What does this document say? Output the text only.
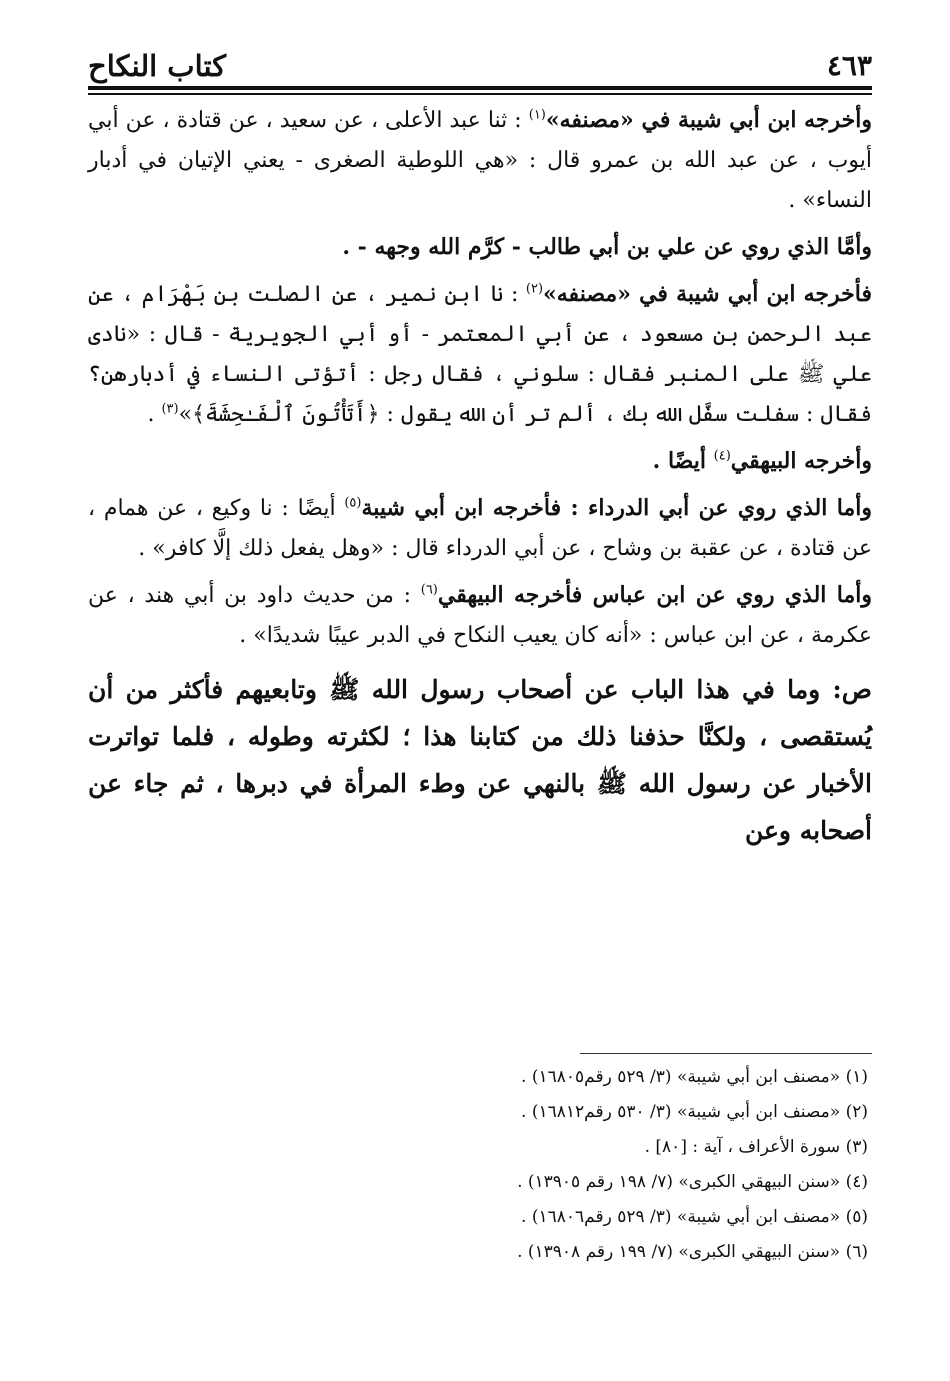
كتاب النكاح	٤٦٣

وأخرجه ابن أبي شيبة في «مصنفه»$^{(١)}$ : ثنا عبد الأعلى ، عن سعيد ، عن قتادة ، عن أبي أيوب ، عن عبد الله بن عمرو قال : «هي اللوطية الصغرى - يعني الإتيان في أدبار النساء» .

وأمَّا الذي روي عن علي بن أبي طالب - كرَّم الله وجهه - .

فأخرجه ابن أبي شيبة في «مصنفه»$^{(٢)}$ : نا ابن نمير ، عن الصلت بن بَهْرَام ، عن عبد الرحمن بن مسعود ، عن أبي المعتمر - أو أبي الجويرية - قال : «نادى علي ﷺ على المنبر فقال : سلوني ، فقال رجل : أتؤتى النساء في أدبارهن؟ فقال : سفلت سفَّل الله بك ، ألم تر أن الله يقول : ﴿أَتَأْتُونَ ٱلْفَـٰحِشَةَ﴾»$^{(٣)}$ .

وأخرجه البيهقي$^{(٤)}$ أيضًا .

وأما الذي روي عن أبي الدرداء : فأخرجه ابن أبي شيبة$^{(٥)}$ أيضًا : نا وكيع ، عن همام ، عن قتادة ، عن عقبة بن وشاح ، عن أبي الدرداء قال : «وهل يفعل ذلك إلَّا كافر» .

وأما الذي روي عن ابن عباس فأخرجه البيهقي$^{(٦)}$ : من حديث داود بن أبي هند ، عن عكرمة ، عن ابن عباس : «أنه كان يعيب النكاح في الدبر عيبًا شديدًا» .

ص: وما في هذا الباب عن أصحاب رسول الله ﷺ وتابعيهم فأكثر من أن يُستقصى ، ولكنَّا حذفنا ذلك من كتابنا هذا ؛ لكثرته وطوله ، فلما تواترت الأخبار عن رسول الله ﷺ بالنهي عن وطء المرأة في دبرها ، ثم جاء عن أصحابه وعن

(١) «مصنف ابن أبي شيبة» (٣/ ٥٢٩ رقم١٦٨٠٥) .
(٢) «مصنف ابن أبي شيبة» (٣/ ٥٣٠ رقم١٦٨١٢) .
(٣) سورة الأعراف ، آية : [٨٠] .
(٤) «سنن البيهقي الكبرى» (٧/ ١٩٨ رقم ١٣٩٠٥) .
(٥) «مصنف ابن أبي شيبة» (٣/ ٥٢٩ رقم١٦٨٠٦) .
(٦) «سنن البيهقي الكبرى» (٧/ ١٩٩ رقم ١٣٩٠٨) .
